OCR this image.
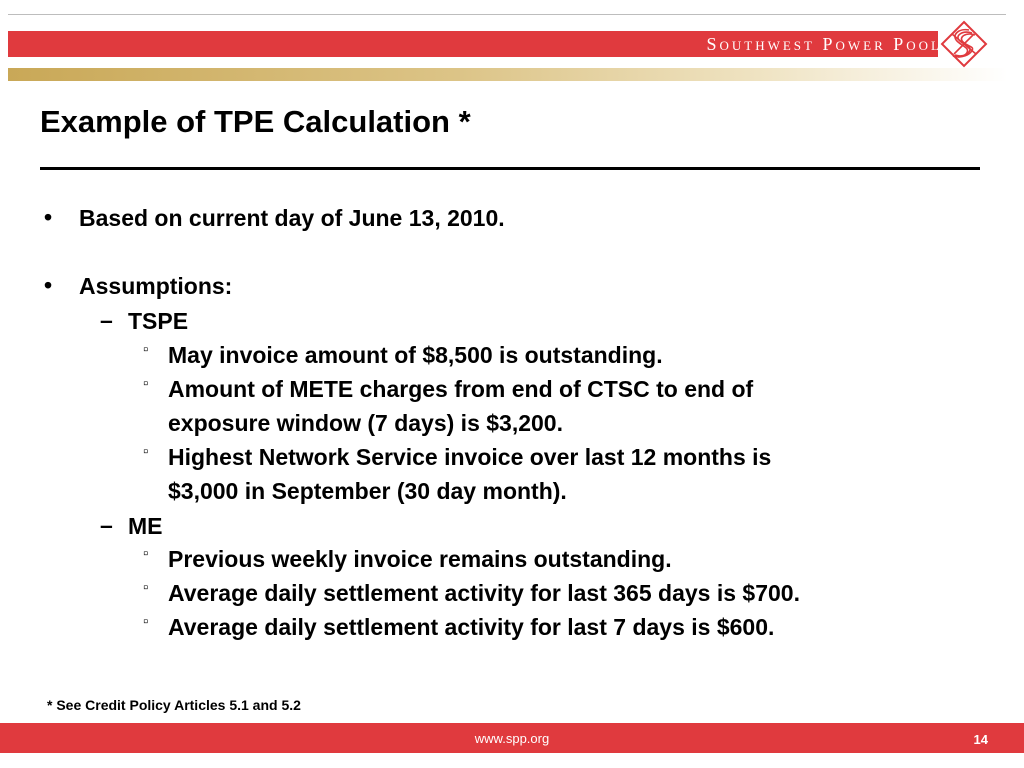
Southwest Power Pool
Example of TPE Calculation *
• Based on current day of June 13, 2010.
• Assumptions:
– TSPE
▫ May invoice amount of $8,500 is outstanding.
▫ Amount of METE charges from end of CTSC to end of
exposure window (7 days) is $3,200.
▫ Highest Network Service invoice over last 12 months is
$3,000 in September (30 day month).
– ME
▫ Previous weekly invoice remains outstanding.
▫ Average daily settlement activity for last 365 days is $700.
▫ Average daily settlement activity for last 7 days is $600.
* See Credit Policy Articles 5.1 and 5.2
www.spp.org	14
